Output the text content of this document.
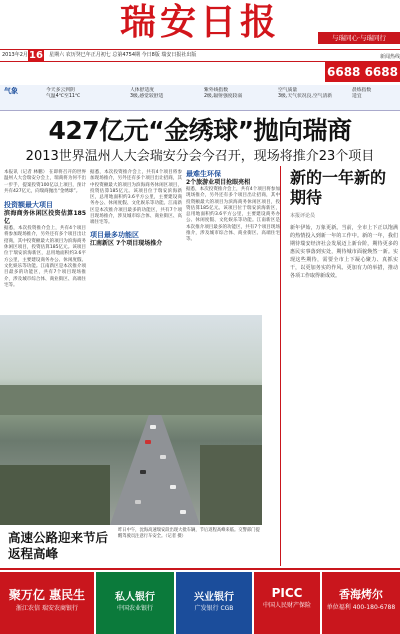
瑞安日报
新闻热线
与瑞同心·与瑞同行
2013年2月	星期六 农历癸巳年正月初七 总第4754期 今日8版 瑞安日报社出版
16
6688 6688
气象	今天多云到阴
气温4℃至11℃
人体舒适度
3级,感觉较舒适
紫外线指数
2级,辐射强度较弱
空气质量
3级,天气状况良,空气清新
晨练指数
适宜
427亿元“金绣球”抛向瑞商
2013世界温州人大会瑞安分会今召开，现场将推介23个项目
本报讯（记者 林鹏） 在即将召开的世界温州人大会瑞安分会上，瑞商将为何不出一步手，提案投资100亿以上项目，预计共有427亿元，向瑞商抛出“金绣球”。
投资额最大项目
滨海商务休闲区投资估算185亿
据悉，本次投资推介会上，共有4个项目将参加现场推介，另外还有多个项目出让招商，其中投资额最大的项目为滨海商务休闲区项目，投资估算185亿元。该项目位于瑞安滨海新区，总用地面积约3.6平方公里，主要建设商务办公、休闲度假、文化娱乐等功能。江南新区是本次推介项目最多的功能区，共有7个项目现场推介，涉及城市综合体、商业街区、高端住宅等。
据悉，本次投资推介会上，共有4个项目将参加现场推介，另外还有多个项目出让招商，其中投资额最大的项目为滨海商务休闲区项目，投资估算185亿元。该项目位于瑞安滨海新区，总用地面积约3.6平方公里，主要建设商务办公、休闲度假、文化娱乐等功能。江南新区是本次推介项目最多的功能区，共有7个项目现场推介，涉及城市综合体、商业街区、高端住宅等。
项目最多功能区
江南新区 7个项目现场推介
最难生环保
2个旅游业项目抢眼亮相
据悉，本次投资推介会上，共有4个项目将参加现场推介，另外还有多个项目出让招商，其中投资额最大的项目为滨海商务休闲区项目，投资估算185亿元。该项目位于瑞安滨海新区，总用地面积约3.6平方公里，主要建设商务办公、休闲度假、文化娱乐等功能。江南新区是本次推介项目最多的功能区，共有7个项目现场推介，涉及城市综合体、商业街区、高端住宅等。
高速公路迎来节后返程高峰
昨日中午，沈海高速瑞安段出现大批车辆，节后返程高峰来临。交警部门提醒驾驶员注意行车安全。（记者 摄）
新的一年新的期待
本报评论员
新年伊始，万象更新。当前，全市上下正以饱满的热情投入到新一年的工作中。新的一年，我们期待瑞安经济社会发展迈上新台阶，期待更多的惠民实事落到实处，期待城市面貌焕然一新。实现这些期待，需要全市上下凝心聚力、真抓实干，以更加务实的作风、更加有力的举措，推动各项工作取得新成效。
聚万亿 惠民生
浙江农信 瑞安农商银行
私人银行
中国农业银行
兴业银行
广发银行 CGB
PICC
中国人民财产保险
香海烤尔
单位福利 400-180-6788
